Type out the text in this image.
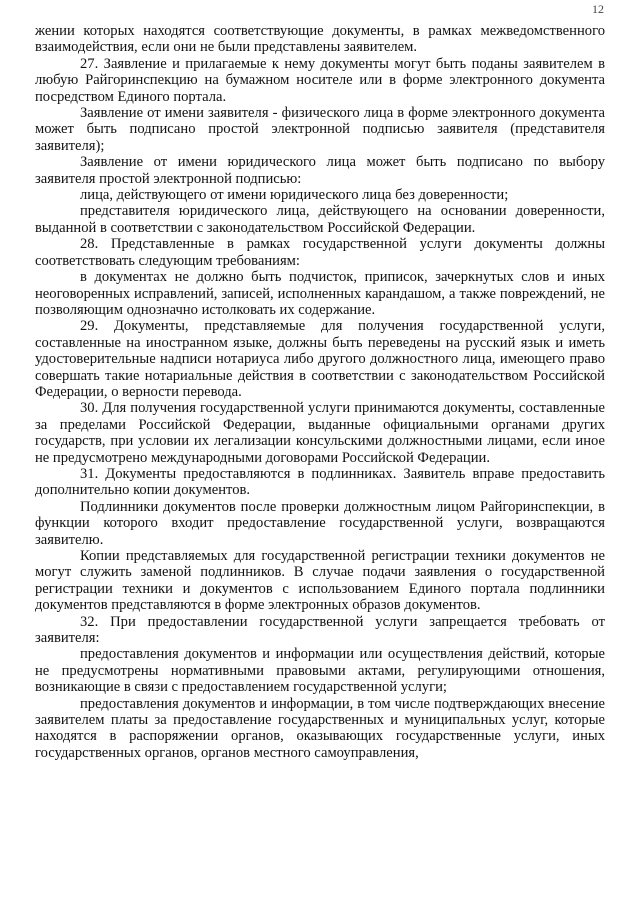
12

жении которых находятся соответствующие документы, в рамках межведомственного взаимодействия, если они не были представлены заявителем.

27. Заявление и прилагаемые к нему документы могут быть поданы заявителем в любую Райгоринспекцию на бумажном носителе или в форме электронного документа посредством Единого портала.

Заявление от имени заявителя - физического лица в форме электронного документа может быть подписано простой электронной подписью заявителя (представителя заявителя);

Заявление от имени юридического лица может быть подписано по выбору заявителя простой электронной подписью:

лица, действующего от имени юридического лица без доверенности;

представителя юридического лица, действующего на основании доверенности, выданной в соответствии с законодательством Российской Федерации.

28. Представленные в рамках государственной услуги документы должны соответствовать следующим требованиям:

в документах не должно быть подчисток, приписок, зачеркнутых слов и иных неоговоренных исправлений, записей, исполненных карандашом, а также повреждений, не позволяющим однозначно истолковать их содержание.

29. Документы, представляемые для получения государственной услуги, составленные на иностранном языке, должны быть переведены на русский язык и иметь удостоверительные надписи нотариуса либо другого должностного лица, имеющего право совершать такие нотариальные действия в соответствии с законодательством Российской Федерации, о верности перевода.

30. Для получения государственной услуги принимаются документы, составленные за пределами Российской Федерации, выданные официальными органами других государств, при условии их легализации консульскими должностными лицами, если иное не предусмотрено международными договорами Российской Федерации.

31. Документы предоставляются в подлинниках. Заявитель вправе предоставить дополнительно копии документов.

Подлинники документов после проверки должностным лицом Райгоринспекции, в функции которого входит предоставление государственной услуги, возвращаются заявителю.

Копии представляемых для государственной регистрации техники документов не могут служить заменой подлинников. В случае подачи заявления о государственной регистрации техники и документов с использованием Единого портала подлинники документов представляются в форме электронных образов документов.

32. При предоставлении государственной услуги запрещается требовать от заявителя:

предоставления документов и информации или осуществления действий, которые не предусмотрены нормативными правовыми актами, регулирующими отношения, возникающие в связи с предоставлением государственной услуги;

предоставления документов и информации, в том числе подтверждающих внесение заявителем платы за предоставление государственных и муниципальных услуг, которые находятся в распоряжении органов, оказывающих государственные услуги, иных государственных органов, органов местного самоуправления,
